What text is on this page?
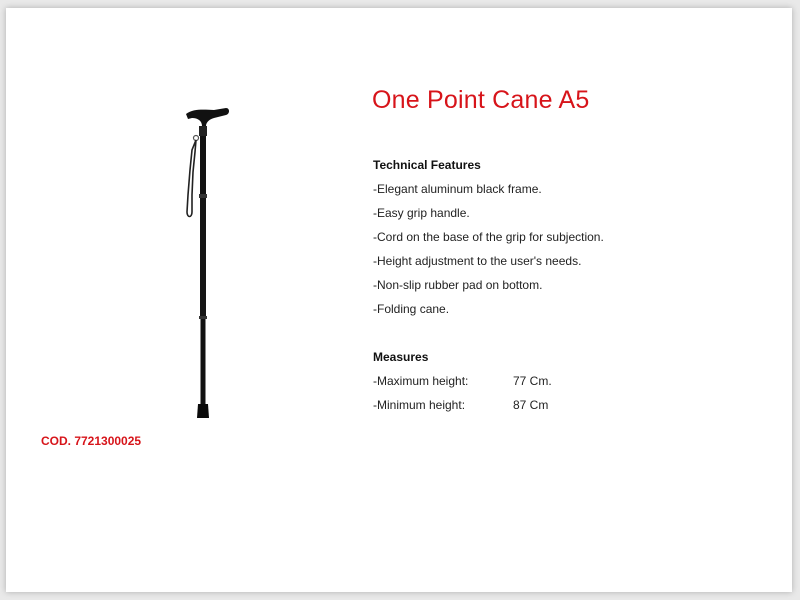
One Point Cane A5
Technical Features
-Elegant aluminum black frame.
-Easy grip handle.
-Cord on the base of the grip for subjection.
-Height adjustment to the user's needs.
-Non-slip rubber pad on bottom.
-Folding cane.
Measures
-Maximum height:	77 Cm.
-Minimum height:	87 Cm
COD. 7721300025
